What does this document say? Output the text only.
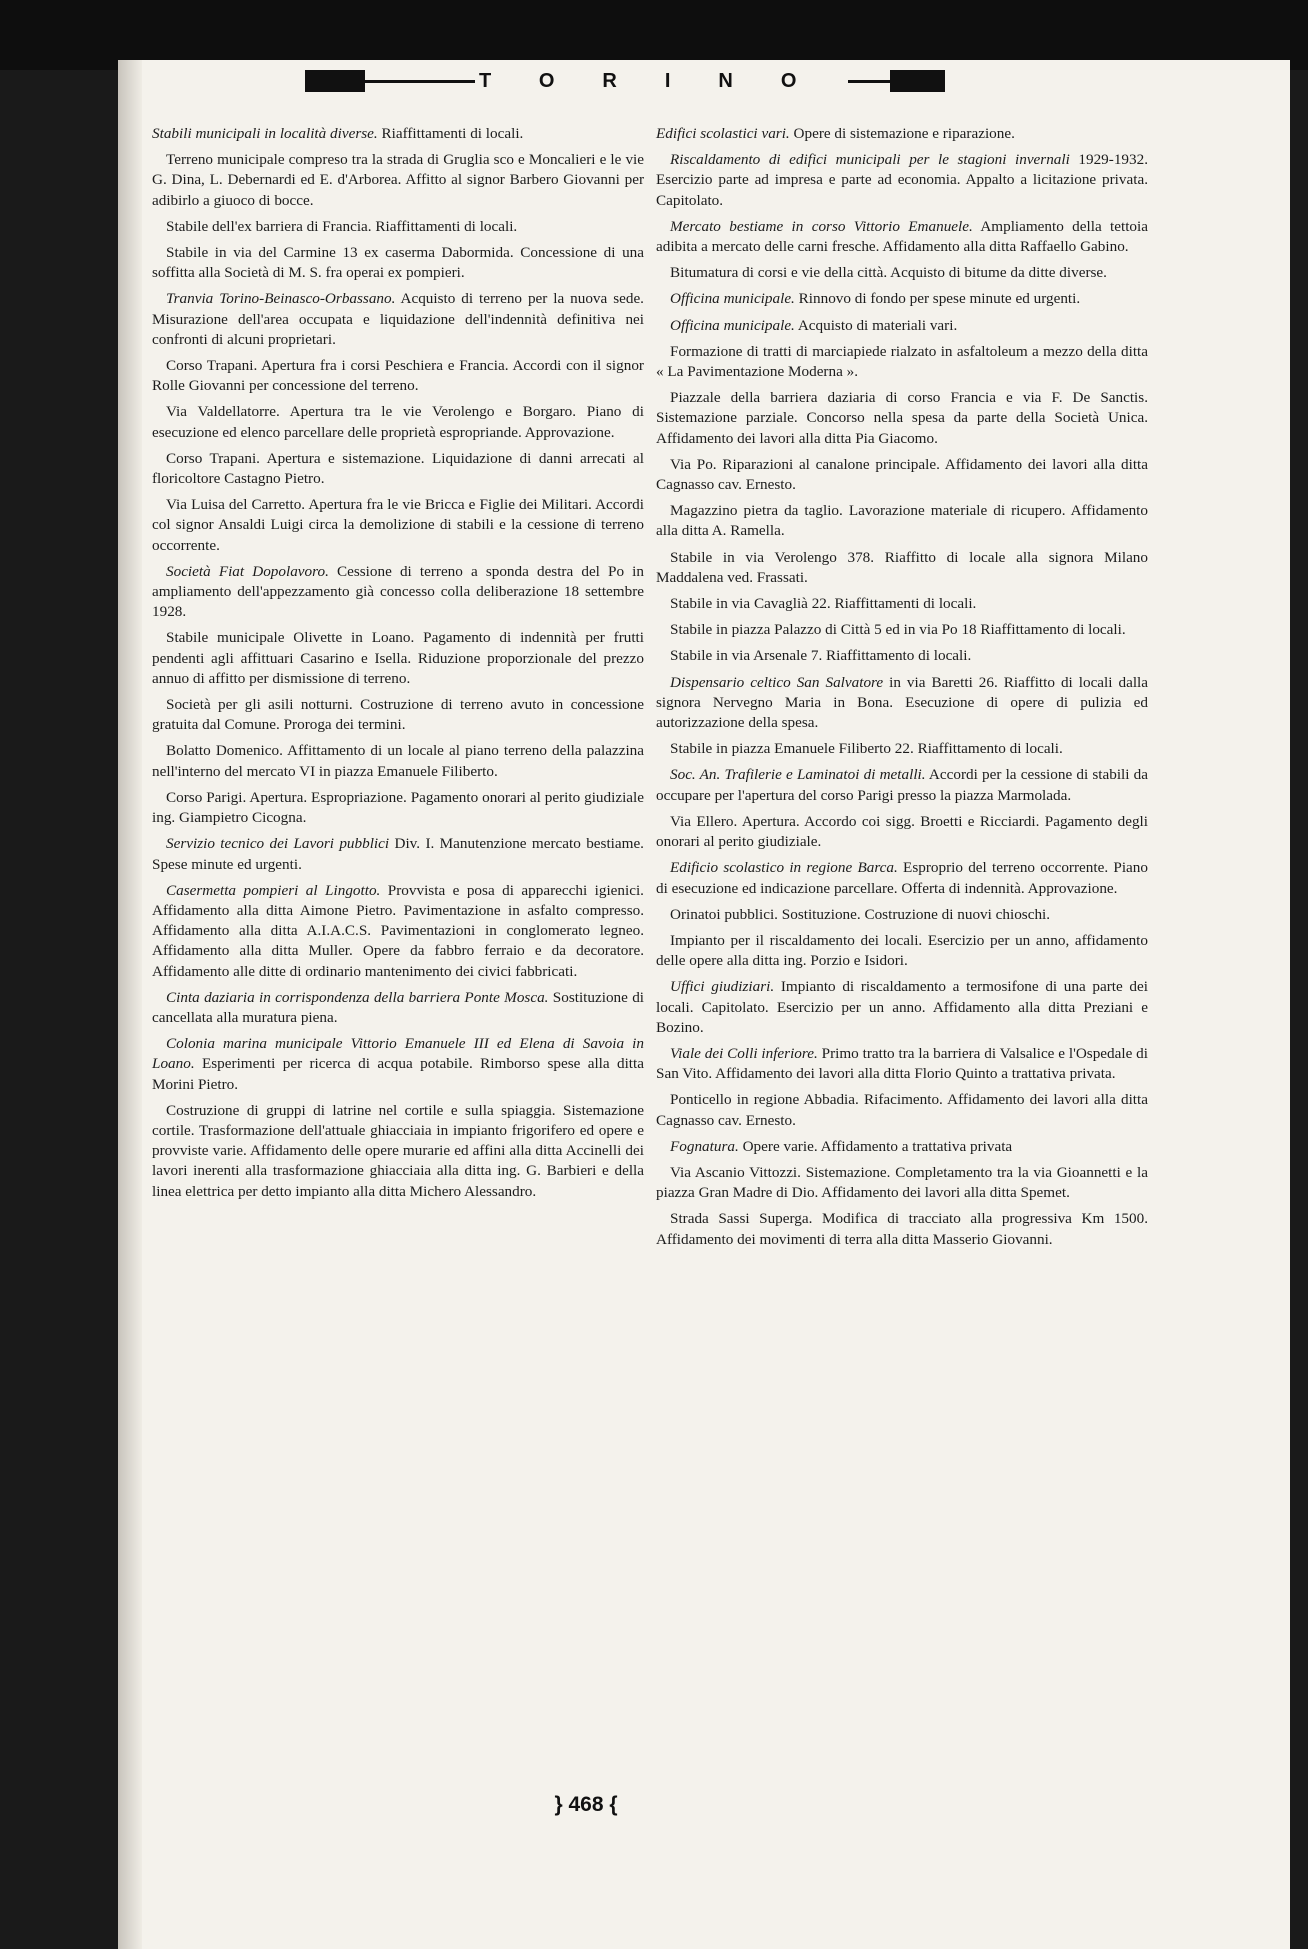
TORINO

Stabili municipali in località diverse. Riaffittamenti di locali.

Terreno municipale compreso tra la strada di Gruglia sco e Moncalieri e le vie G. Dina, L. Debernardi ed E. d'Arborea. Affitto al signor Barbero Giovanni per adibirlo a giuoco di bocce.

Stabile dell'ex barriera di Francia. Riaffittamenti di locali.

Stabile in via del Carmine 13 ex caserma Dabormida. Concessione di una soffitta alla Società di M. S. fra operai ex pompieri.

Tranvia Torino-Beinasco-Orbassano. Acquisto di terreno per la nuova sede. Misurazione dell'area occupata e liquidazione dell'indennità definitiva nei confronti di alcuni proprietari.

Corso Trapani. Apertura fra i corsi Peschiera e Francia. Accordi con il signor Rolle Giovanni per concessione del terreno.

Via Valdellatorre. Apertura tra le vie Verolengo e Borgaro. Piano di esecuzione ed elenco parcellare delle proprietà espropriande. Approvazione.

Corso Trapani. Apertura e sistemazione. Liquidazione di danni arrecati al floricoltore Castagno Pietro.

Via Luisa del Carretto. Apertura fra le vie Bricca e Figlie dei Militari. Accordi col signor Ansaldi Luigi circa la demolizione di stabili e la cessione di terreno occorrente.

Società Fiat Dopolavoro. Cessione di terreno a sponda destra del Po in ampliamento dell'appezzamento già concesso colla deliberazione 18 settembre 1928.

Stabile municipale Olivette in Loano. Pagamento di indennità per frutti pendenti agli affittuari Casarino e Isella. Riduzione proporzionale del prezzo annuo di affitto per dismissione di terreno.

Società per gli asili notturni. Costruzione di terreno avuto in concessione gratuita dal Comune. Proroga dei termini.

Bolatto Domenico. Affittamento di un locale al piano terreno della palazzina nell'interno del mercato VI in piazza Emanuele Filiberto.

Corso Parigi. Apertura. Espropriazione. Pagamento onorari al perito giudiziale ing. Giampietro Cicogna.

Servizio tecnico dei Lavori pubblici Div. I. Manutenzione mercato bestiame. Spese minute ed urgenti.

Casermetta pompieri al Lingotto. Provvista e posa di apparecchi igienici. Affidamento alla ditta Aimone Pietro. Pavimentazione in asfalto compresso. Affidamento alla ditta A.I.A.C.S. Pavimentazioni in conglomerato legneo. Affidamento alla ditta Muller. Opere da fabbro ferraio e da decoratore. Affidamento alle ditte di ordinario mantenimento dei civici fabbricati.

Cinta daziaria in corrispondenza della barriera Ponte Mosca. Sostituzione di cancellata alla muratura piena.

Colonia marina municipale Vittorio Emanuele III ed Elena di Savoia in Loano. Esperimenti per ricerca di acqua potabile. Rimborso spese alla ditta Morini Pietro.

Costruzione di gruppi di latrine nel cortile e sulla spiaggia. Sistemazione cortile. Trasformazione dell'attuale ghiacciaia in impianto frigorifero ed opere e provviste varie. Affidamento delle opere murarie ed affini alla ditta Accinelli dei lavori inerenti alla trasformazione ghiacciaia alla ditta ing. G. Barbieri e della linea elettrica per detto impianto alla ditta Michero Alessandro.

Edifici scolastici vari. Opere di sistemazione e riparazione.

Riscaldamento di edifici municipali per le stagioni invernali 1929-1932. Esercizio parte ad impresa e parte ad economia. Appalto a licitazione privata. Capitolato.

Mercato bestiame in corso Vittorio Emanuele. Ampliamento della tettoia adibita a mercato delle carni fresche. Affidamento alla ditta Raffaello Gabino.

Bitumatura di corsi e vie della città. Acquisto di bitume da ditte diverse.

Officina municipale. Rinnovo di fondo per spese minute ed urgenti.

Officina municipale. Acquisto di materiali vari.

Formazione di tratti di marciapiede rialzato in asfaltoleum a mezzo della ditta « La Pavimentazione Moderna ».

Piazzale della barriera daziaria di corso Francia e via F. De Sanctis. Sistemazione parziale. Concorso nella spesa da parte della Società Unica. Affidamento dei lavori alla ditta Pia Giacomo.

Via Po. Riparazioni al canalone principale. Affidamento dei lavori alla ditta Cagnasso cav. Ernesto.

Magazzino pietra da taglio. Lavorazione materiale di ricupero. Affidamento alla ditta A. Ramella.

Stabile in via Verolengo 378. Riaffitto di locale alla signora Milano Maddalena ved. Frassati.

Stabile in via Cavaglià 22. Riaffittamenti di locali.

Stabile in piazza Palazzo di Città 5 ed in via Po 18 Riaffittamento di locali.

Stabile in via Arsenale 7. Riaffittamento di locali.

Dispensario celtico San Salvatore in via Baretti 26. Riaffitto di locali dalla signora Nervegno Maria in Bona. Esecuzione di opere di pulizia ed autorizzazione della spesa.

Stabile in piazza Emanuele Filiberto 22. Riaffittamento di locali.

Soc. An. Trafilerie e Laminatoi di metalli. Accordi per la cessione di stabili da occupare per l'apertura del corso Parigi presso la piazza Marmolada.

Via Ellero. Apertura. Accordo coi sigg. Broetti e Ricciardi. Pagamento degli onorari al perito giudiziale.

Edificio scolastico in regione Barca. Esproprio del terreno occorrente. Piano di esecuzione ed indicazione parcellare. Offerta di indennità. Approvazione.

Orinatoi pubblici. Sostituzione. Costruzione di nuovi chioschi.

Impianto per il riscaldamento dei locali. Esercizio per un anno, affidamento delle opere alla ditta ing. Porzio e Isidori.

Uffici giudiziari. Impianto di riscaldamento a termosifone di una parte dei locali. Capitolato. Esercizio per un anno. Affidamento alla ditta Preziani e Bozino.

Viale dei Colli inferiore. Primo tratto tra la barriera di Valsalice e l'Ospedale di San Vito. Affidamento dei lavori alla ditta Florio Quinto a trattativa privata.

Ponticello in regione Abbadia. Rifacimento. Affidamento dei lavori alla ditta Cagnasso cav. Ernesto.

Fognatura. Opere varie. Affidamento a trattativa privata

Via Ascanio Vittozzi. Sistemazione. Completamento tra la via Gioannetti e la piazza Gran Madre di Dio. Affidamento dei lavori alla ditta Spemet.

Strada Sassi Superga. Modifica di tracciato alla progressiva Km 1500. Affidamento dei movimenti di terra alla ditta Masserio Giovanni.

} 468 {
